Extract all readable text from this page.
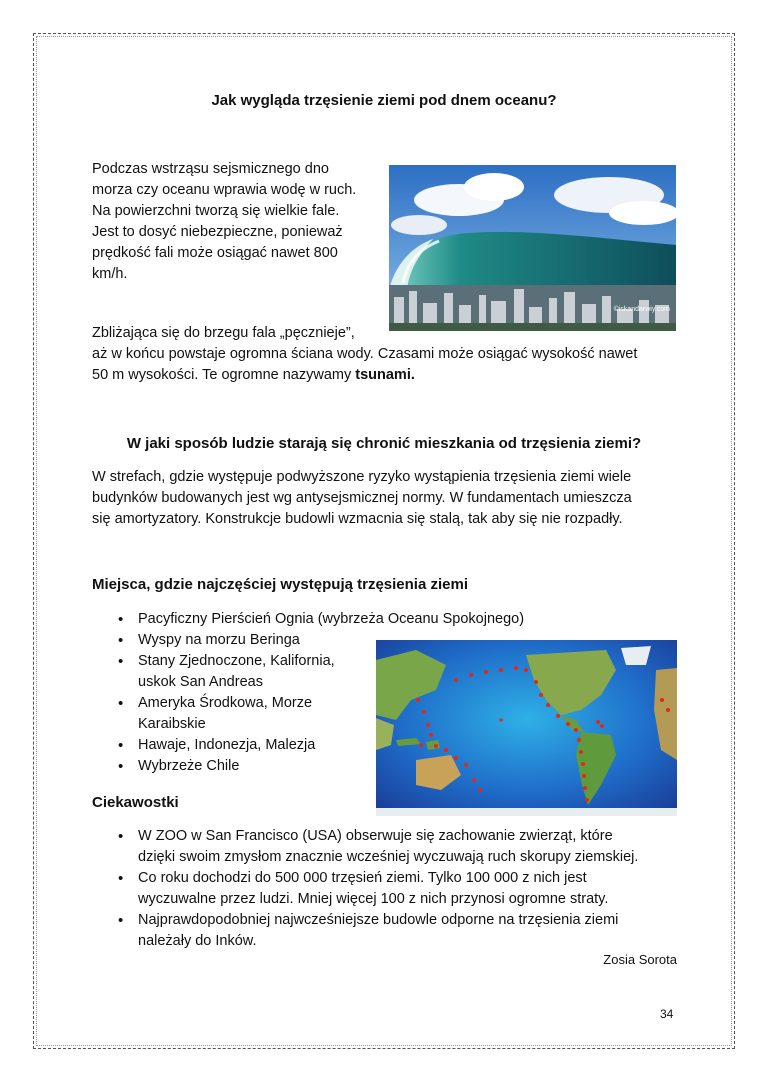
Jak wygląda trzęsienie ziemi pod dnem oceanu?
Podczas wstrząsu sejsmicznego dno
morza czy oceanu wprawia wodę w ruch.
Na powierzchni tworzą się wielkie fale.
Jest to dosyć niebezpieczne, ponieważ
prędkość fali może osiągać nawet 800
km/h.
©iskandarwiy.com
Zbliżająca się do brzegu fala „pęcznieje”,
aż w końcu powstaje ogromna ściana wody. Czasami może osiągać wysokość nawet
50 m wysokości. Te ogromne nazywamy tsunami.
W jaki sposób ludzie starają się chronić mieszkania od trzęsienia ziemi?
W strefach, gdzie występuje podwyższone ryzyko wystąpienia trzęsienia ziemi wiele
budynków budowanych jest wg antysejsmicznej normy. W fundamentach umieszcza
się amortyzatory. Konstrukcje budowli wzmacnia się stalą, tak aby się nie rozpadły.
Miejsca, gdzie najczęściej występują trzęsienia ziemi
• Pacyficzny Pierścień Ognia (wybrzeża Oceanu Spokojnego)
• Wyspy na morzu Beringa
• Stany Zjednoczone, Kalifornia,
uskok San Andreas
• Ameryka Środkowa, Morze
Karaibskie
• Hawaje, Indonezja, Malezja
• Wybrzeże Chile
Ciekawostki
• W ZOO w San Francisco (USA) obserwuje się zachowanie zwierząt, które
dzięki swoim zmysłom znacznie wcześniej wyczuwają ruch skorupy ziemskiej.
• Co roku dochodzi do 500 000 trzęsień ziemi. Tylko 100 000 z nich jest
wyczuwalne przez ludzi. Mniej więcej 100 z nich przynosi ogromne straty.
• Najprawdopodobniej najwcześniejsze budowle odporne na trzęsienia ziemi
należały do Inków.
Zosia Sorota
34
